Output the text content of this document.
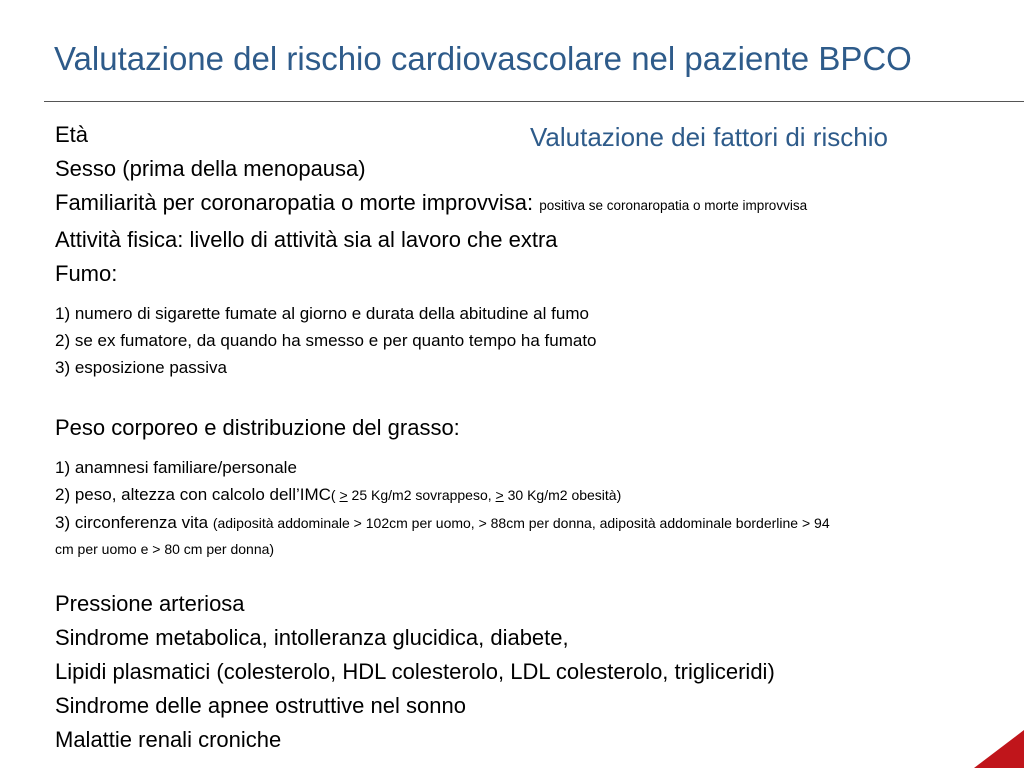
Valutazione del rischio cardiovascolare nel paziente BPCO
Valutazione dei fattori di rischio
Età
Sesso (prima della menopausa)
Familiarità per coronaropatia o morte improvvisa: positiva se coronaropatia o morte improvvisa
Attività fisica: livello di attività sia al lavoro che extra
Fumo:
1) numero di sigarette fumate al giorno e durata della abitudine al fumo
2) se ex fumatore, da quando ha smesso e per quanto tempo ha fumato
3) esposizione passiva
Peso corporeo e distribuzione del grasso:
1) anamnesi familiare/personale
2) peso, altezza con calcolo dell’IMC( > 25 Kg/m2 sovrappeso, > 30 Kg/m2 obesità)
3) circonferenza vita (adiposità addominale > 102cm per uomo, > 88cm per donna, adiposità addominale borderline > 94
cm per uomo e > 80 cm per donna)
Pressione arteriosa
Sindrome metabolica, intolleranza glucidica, diabete,
Lipidi plasmatici (colesterolo, HDL colesterolo, LDL colesterolo, trigliceridi)
Sindrome delle apnee ostruttive nel sonno
Malattie renali croniche
